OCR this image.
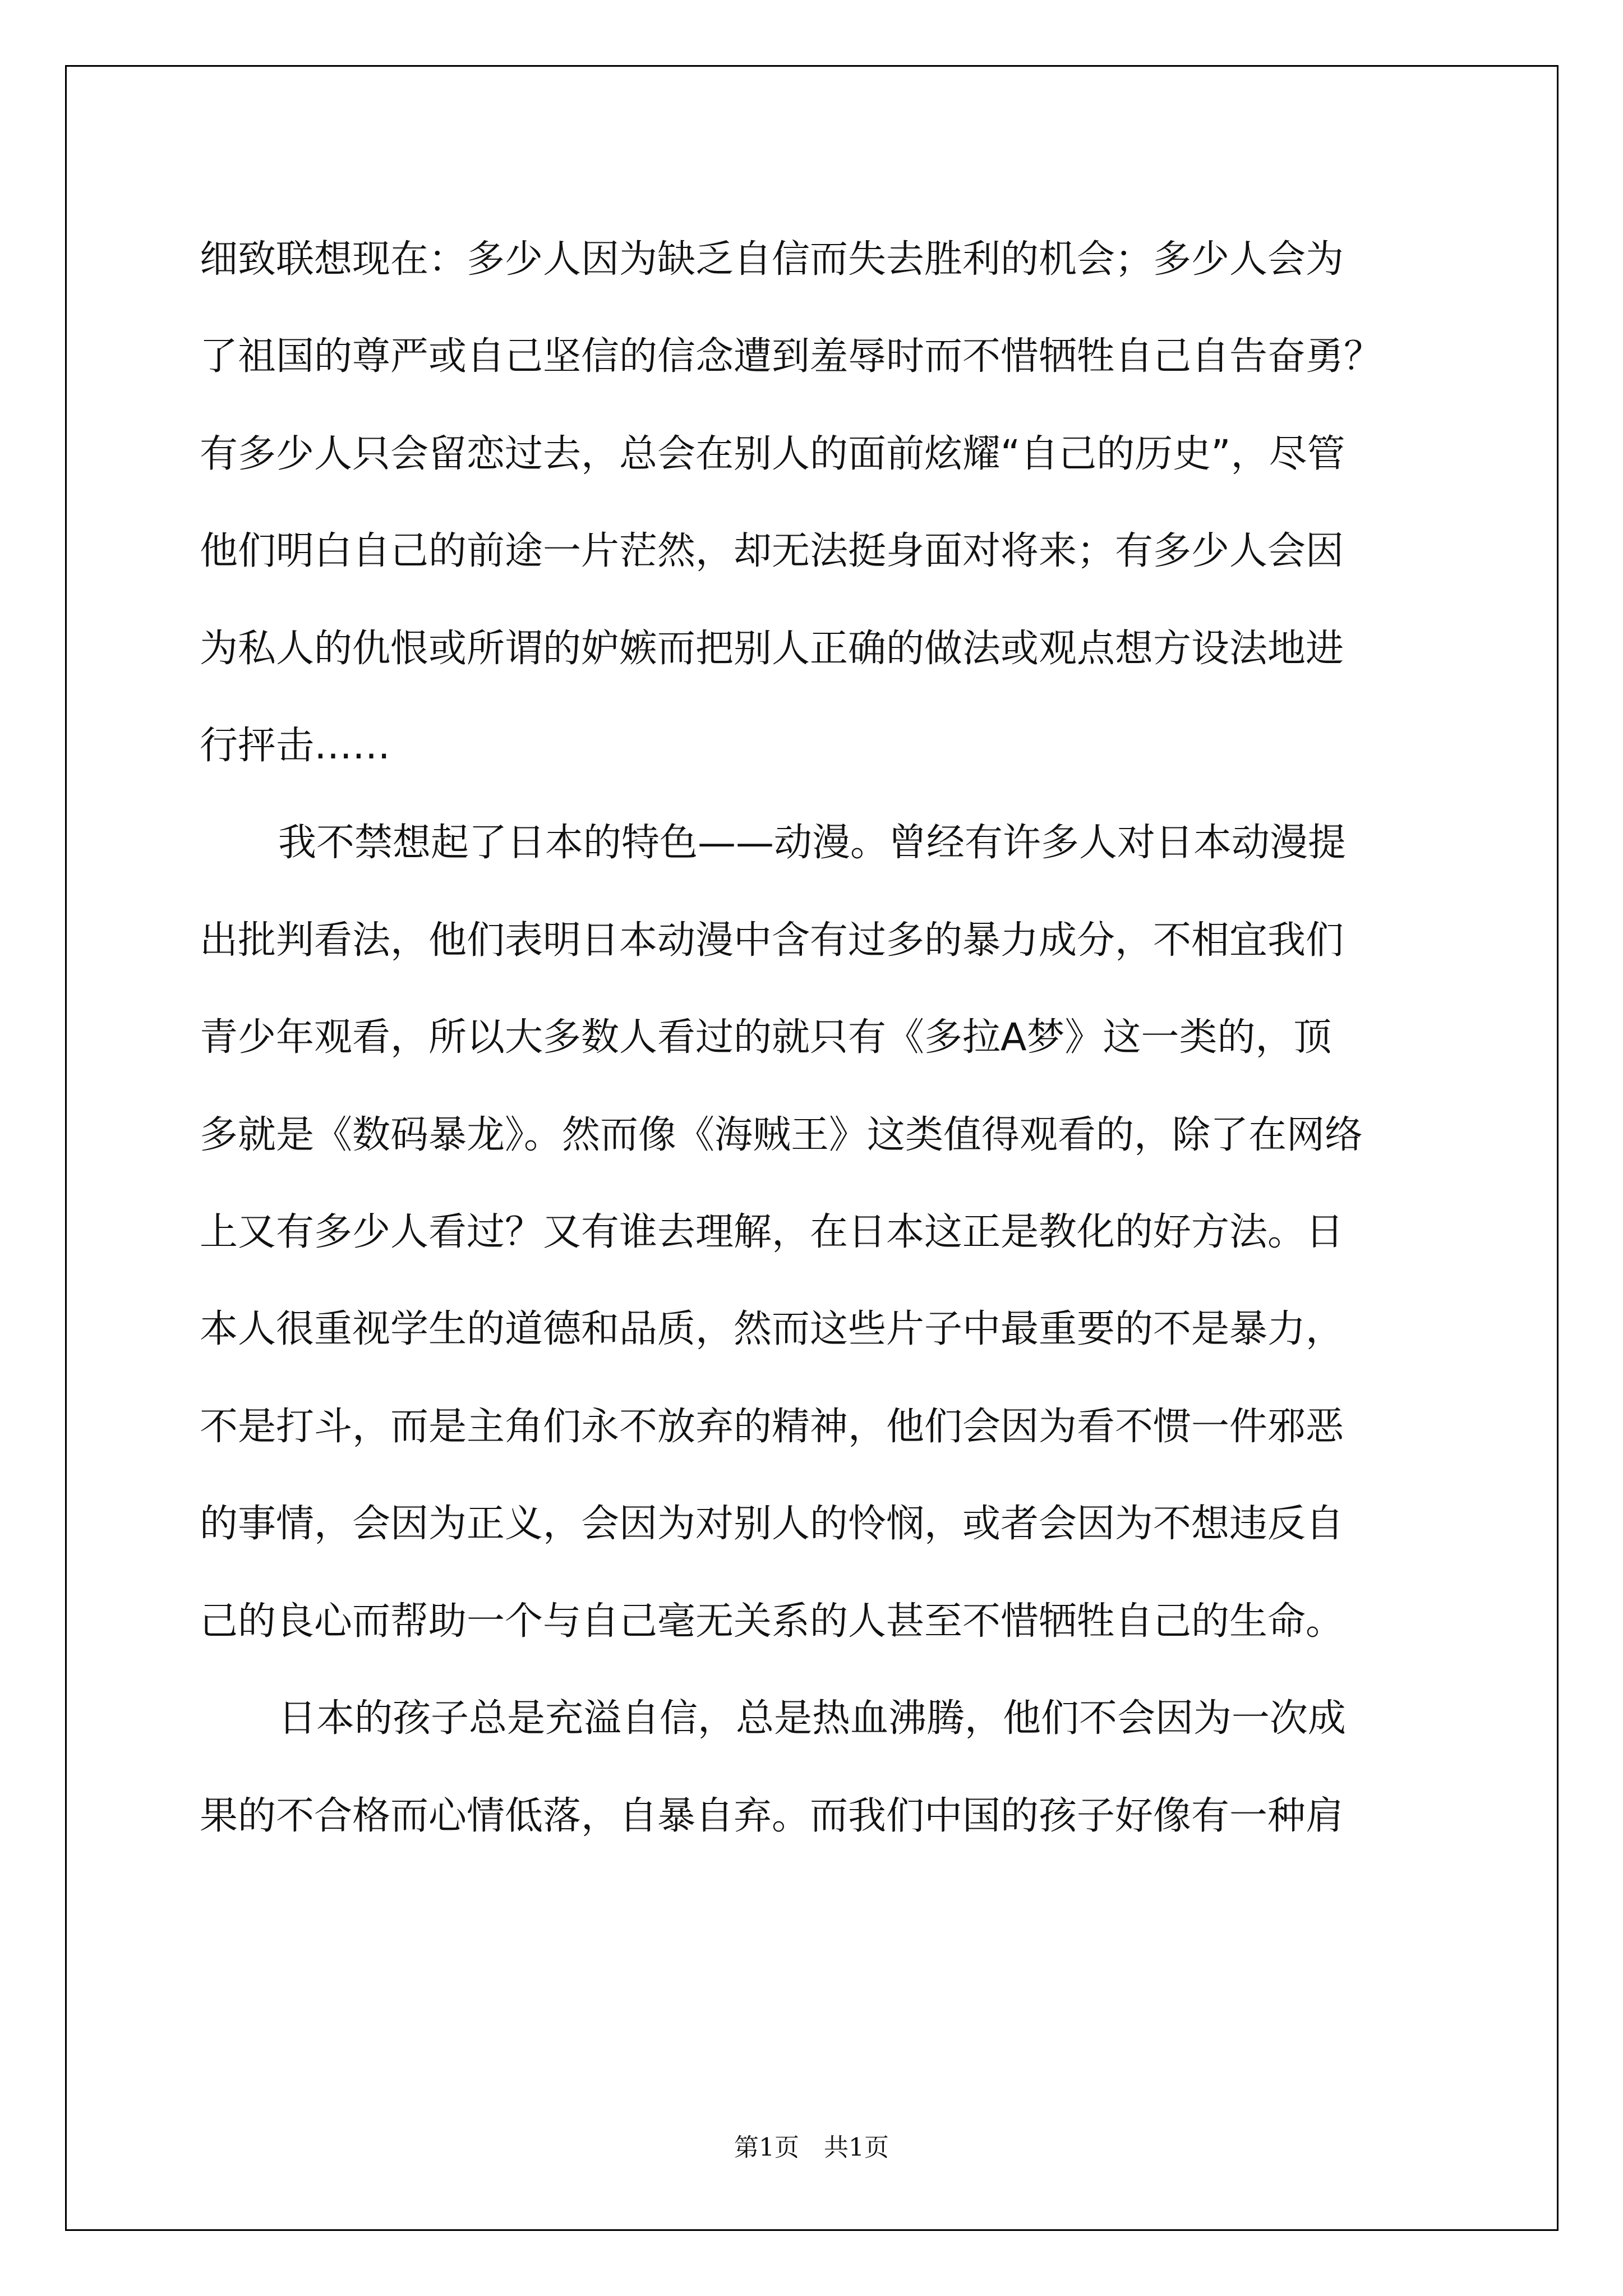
细致联想现在：多少人因为缺乏自信而失去胜利的机会；多少人会为
了祖国的尊严或自己坚信的信念遭到羞辱时而不惜牺牲自己自告奋勇？
有多少人只会留恋过去，总会在别人的面前炫耀“自己的历史”，尽管
他们明白自己的前途一片茫然，却无法挺身面对将来；有多少人会因
为私人的仇恨或所谓的妒嫉而把别人正确的做法或观点想方设法地进
行抨击……
我不禁想起了日本的特色——动漫。曾经有许多人对日本动漫提
出批判看法，他们表明日本动漫中含有过多的暴力成分，不相宜我们
青少年观看，所以大多数人看过的就只有《多拉A梦》这一类的，顶
多就是《数码暴龙》。然而像《海贼王》这类值得观看的，除了在网络
上又有多少人看过？又有谁去理解，在日本这正是教化的好方法。日
本人很重视学生的道德和品质，然而这些片子中最重要的不是暴力，
不是打斗，而是主角们永不放弃的精神，他们会因为看不惯一件邪恶
的事情，会因为正义，会因为对别人的怜悯，或者会因为不想违反自
己的良心而帮助一个与自己毫无关系的人甚至不惜牺牲自己的生命。
日本的孩子总是充溢自信，总是热血沸腾，他们不会因为一次成
果的不合格而心情低落，自暴自弃。而我们中国的孩子好像有一种肩
第1页　共1页
